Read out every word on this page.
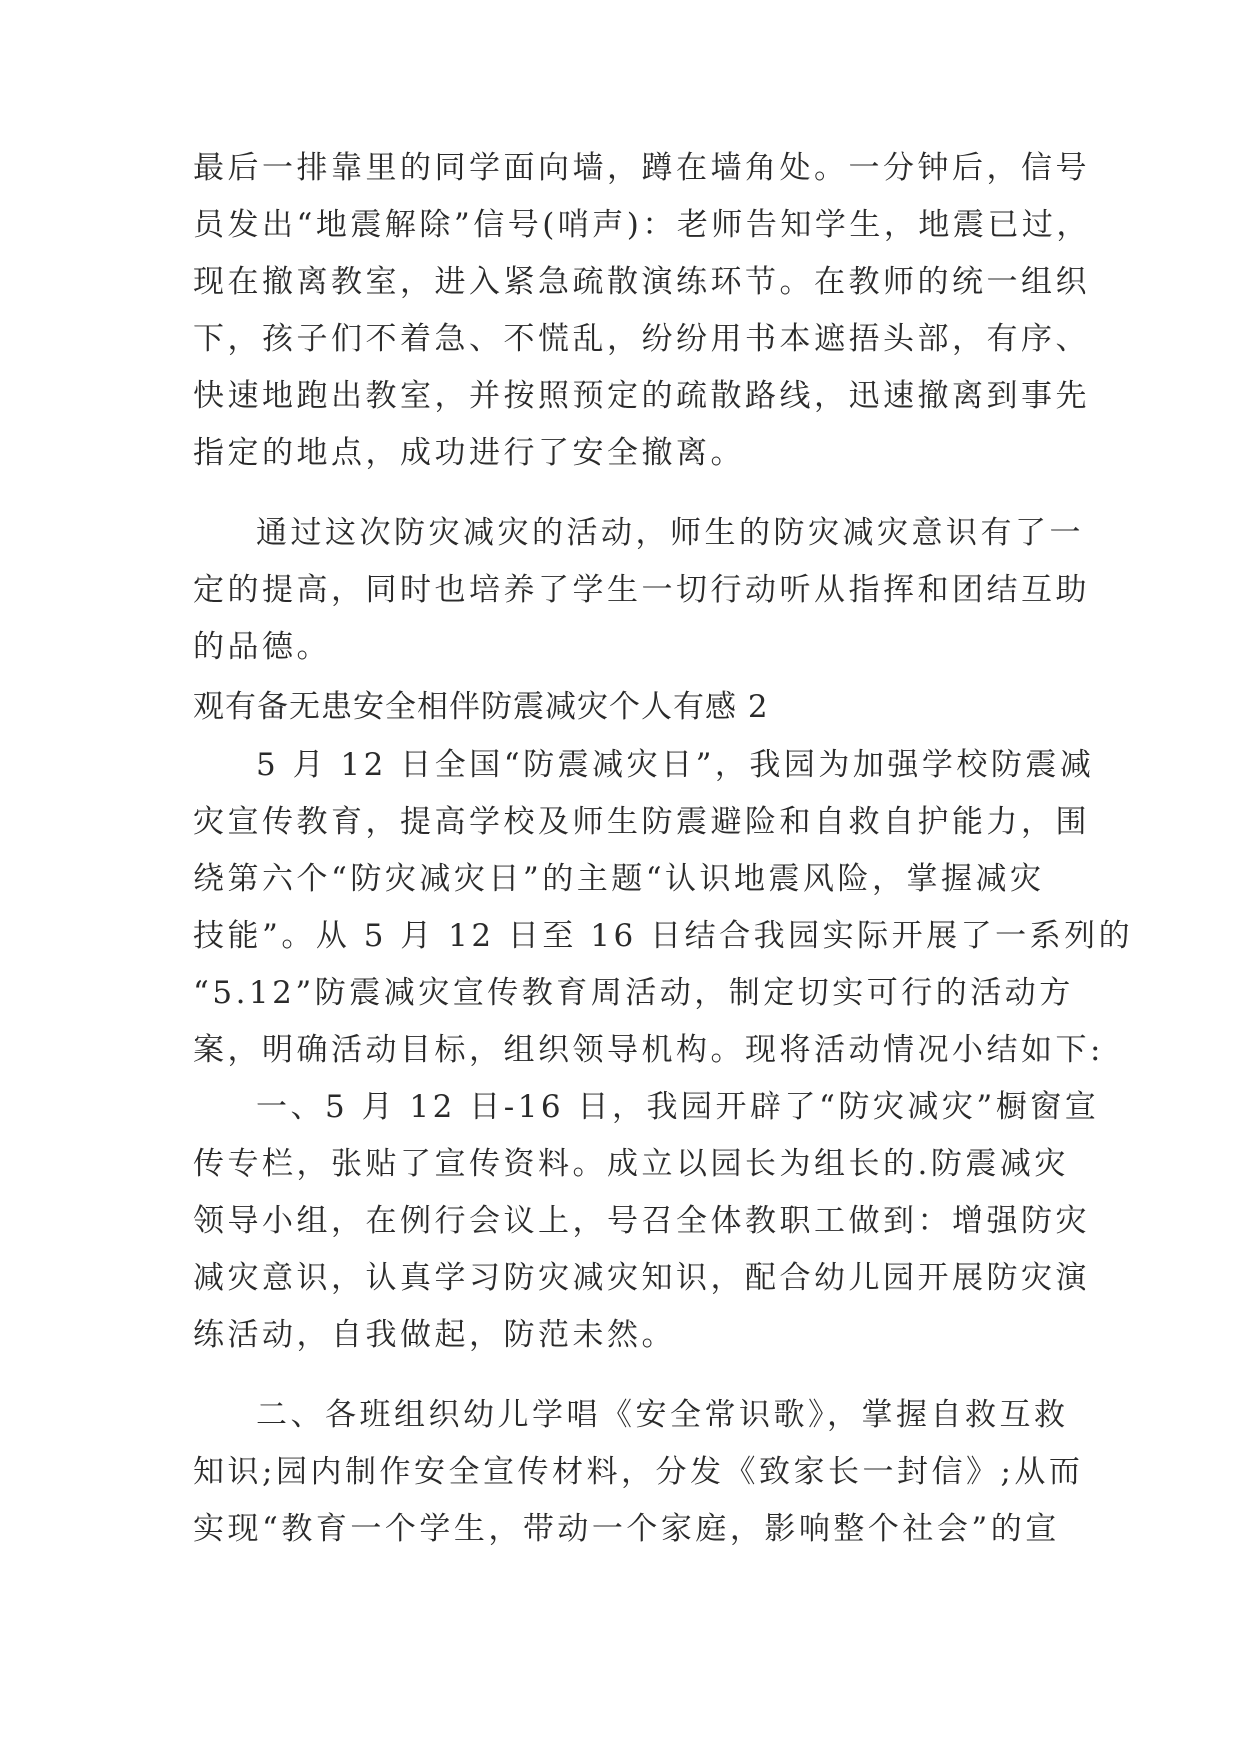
最后一排靠里的同学面向墙，蹲在墙角处。一分钟后，信号

员发出“地震解除”信号(哨声)：老师告知学生，地震已过，

现在撤离教室，进入紧急疏散演练环节。在教师的统一组织

下，孩子们不着急、不慌乱，纷纷用书本遮捂头部，有序、

快速地跑出教室，并按照预定的疏散路线，迅速撤离到事先

指定的地点，成功进行了安全撤离。

通过这次防灾减灾的活动，师生的防灾减灾意识有了一

定的提高，同时也培养了学生一切行动听从指挥和团结互助

的品德。

观有备无患安全相伴防震减灾个人有感 2

5 月 12 日全国“防震减灾日”，我园为加强学校防震减

灾宣传教育，提高学校及师生防震避险和自救自护能力，围

绕第六个“防灾减灾日”的主题“认识地震风险，掌握减灾

技能”。从 5 月 12 日至 16 日结合我园实际开展了一系列的

“5.12”防震减灾宣传教育周活动，制定切实可行的活动方

案，明确活动目标，组织领导机构。现将活动情况小结如下:

一、5 月 12 日-16 日，我园开辟了“防灾减灾”橱窗宣

传专栏，张贴了宣传资料。成立以园长为组长的.防震减灾

领导小组，在例行会议上，号召全体教职工做到：增强防灾

减灾意识，认真学习防灾减灾知识，配合幼儿园开展防灾演

练活动，自我做起，防范未然。

二、各班组织幼儿学唱《安全常识歌》，掌握自救互救

知识;园内制作安全宣传材料，分发《致家长一封信》;从而

实现“教育一个学生，带动一个家庭，影响整个社会”的宣
